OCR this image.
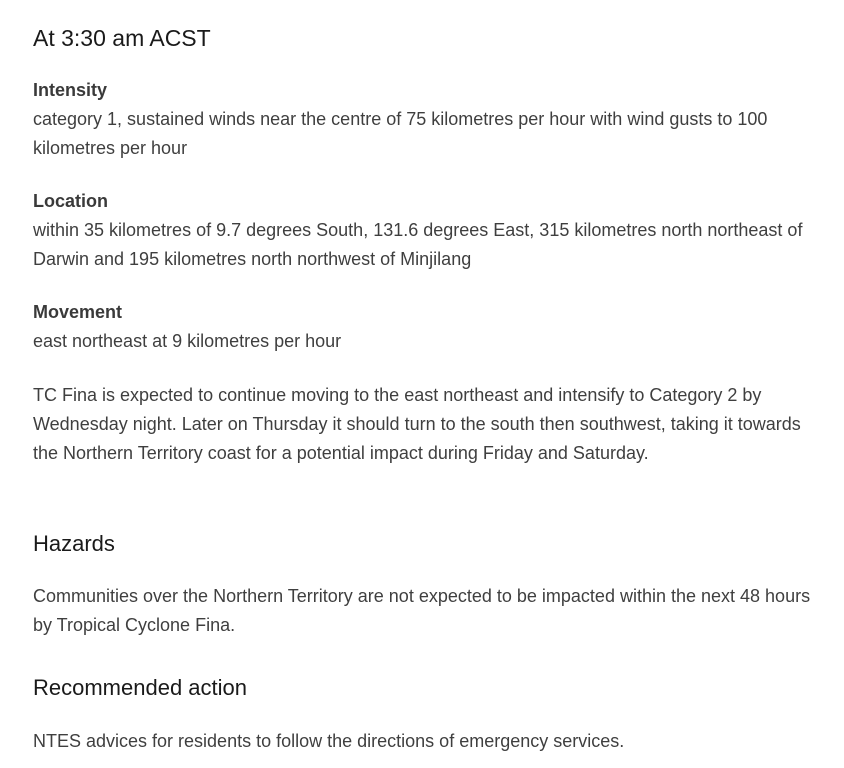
At 3:30 am ACST

Intensity

category 1, sustained winds near the centre of 75 kilometres per hour with wind gusts to 100 kilometres per hour

Location

within 35 kilometres of 9.7 degrees South, 131.6 degrees East, 315 kilometres north northeast of Darwin and 195 kilometres north northwest of Minjilang

Movement

east northeast at 9 kilometres per hour

TC Fina is expected to continue moving to the east northeast and intensify to Category 2 by Wednesday night. Later on Thursday it should turn to the south then southwest, taking it towards the Northern Territory coast for a potential impact during Friday and Saturday.

Hazards

Communities over the Northern Territory are not expected to be impacted within the next 48 hours by Tropical Cyclone Fina.

Recommended action

NTES advices for residents to follow the directions of emergency services.
